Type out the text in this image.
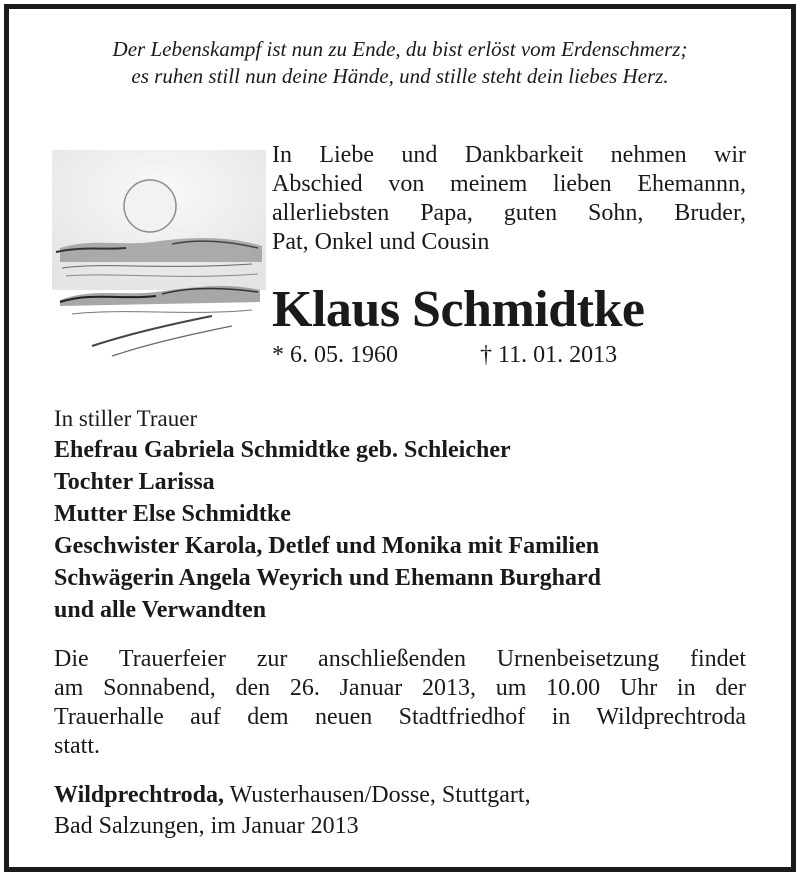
Der Lebenskampf ist nun zu Ende, du bist erlöst vom Erdenschmerz;
es ruhen still nun deine Hände, und stille steht dein liebes Herz.
In Liebe und Dankbarkeit nehmen wir
Abschied von meinem lieben Ehemannn,
allerliebsten Papa, guten Sohn, Bruder,
Pat, Onkel und Cousin
Klaus Schmidtke
* 6. 05. 1960	† 11. 01. 2013
In stiller Trauer
Ehefrau Gabriela Schmidtke geb. Schleicher
Tochter Larissa
Mutter Else Schmidtke
Geschwister Karola, Detlef und Monika mit Familien
Schwägerin Angela Weyrich und Ehemann Burghard
und alle Verwandten
Die Trauerfeier zur anschließenden Urnenbeisetzung findet
am Sonnabend, den 26. Januar 2013, um 10.00 Uhr in der
Trauerhalle auf dem neuen Stadtfriedhof in Wildprechtroda
statt.
Wildprechtroda, Wusterhausen/Dosse, Stuttgart,
Bad Salzungen, im Januar 2013
